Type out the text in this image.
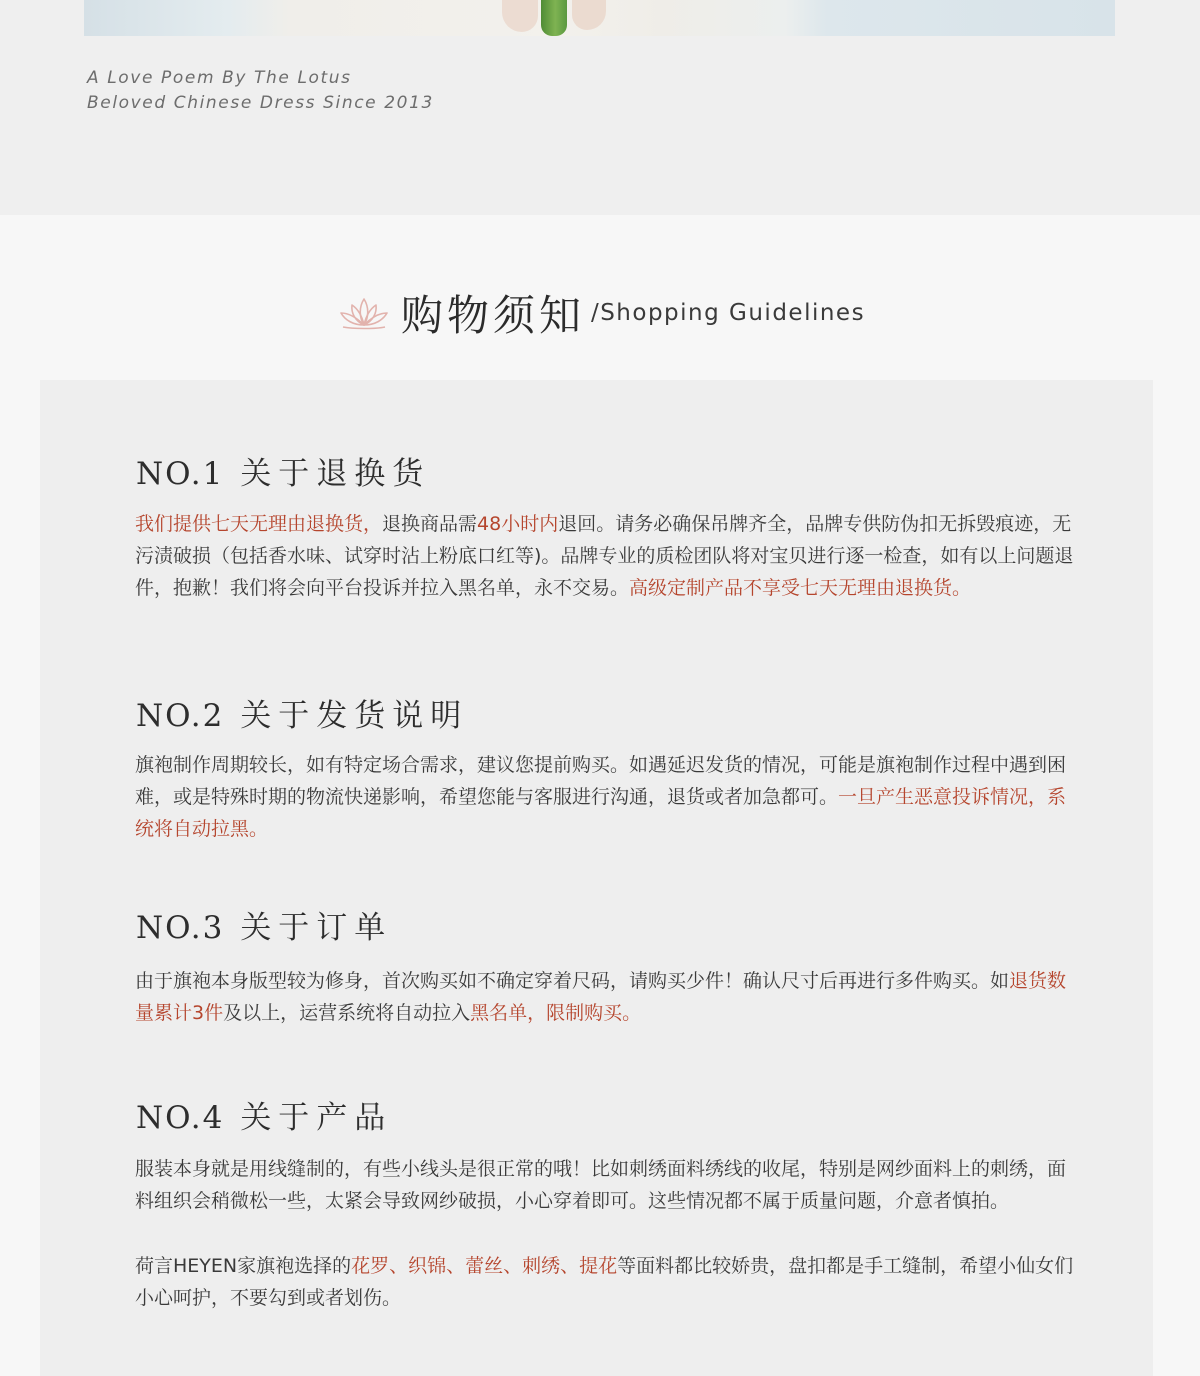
A Love Poem By The Lotus

Beloved Chinese Dress Since 2013

购物须知 /Shopping Guidelines
NO.1 关于退换货

我们提供七天无理由退换货，退换商品需48小时内退回。请务必确保吊牌齐全，品牌专供防伪扣无拆毁痕迹，无污渍破损（包括香水味、试穿时沾上粉底口红等)。品牌专业的质检团队将对宝贝进行逐一检查，如有以上问题退件，抱歉！我们将会向平台投诉并拉入黑名单，永不交易。高级定制产品不享受七天无理由退换货。

NO.2 关于发货说明

旗袍制作周期较长，如有特定场合需求，建议您提前购买。如遇延迟发货的情况，可能是旗袍制作过程中遇到困难，或是特殊时期的物流快递影响，希望您能与客服进行沟通，退货或者加急都可。一旦产生恶意投诉情况，系统将自动拉黑。

NO.3 关于订单

由于旗袍本身版型较为修身，首次购买如不确定穿着尺码，请购买少件！确认尺寸后再进行多件购买。如退货数量累计3件及以上，运营系统将自动拉入黑名单，限制购买。

NO.4 关于产品

服装本身就是用线缝制的，有些小线头是很正常的哦！比如刺绣面料绣线的收尾，特别是网纱面料上的刺绣，面料组织会稍微松一些，太紧会导致网纱破损，小心穿着即可。这些情况都不属于质量问题，介意者慎拍。

荷言HEYEN家旗袍选择的花罗、织锦、蕾丝、刺绣、提花等面料都比较娇贵，盘扣都是手工缝制，希望小仙女们小心呵护，不要勾到或者划伤。
